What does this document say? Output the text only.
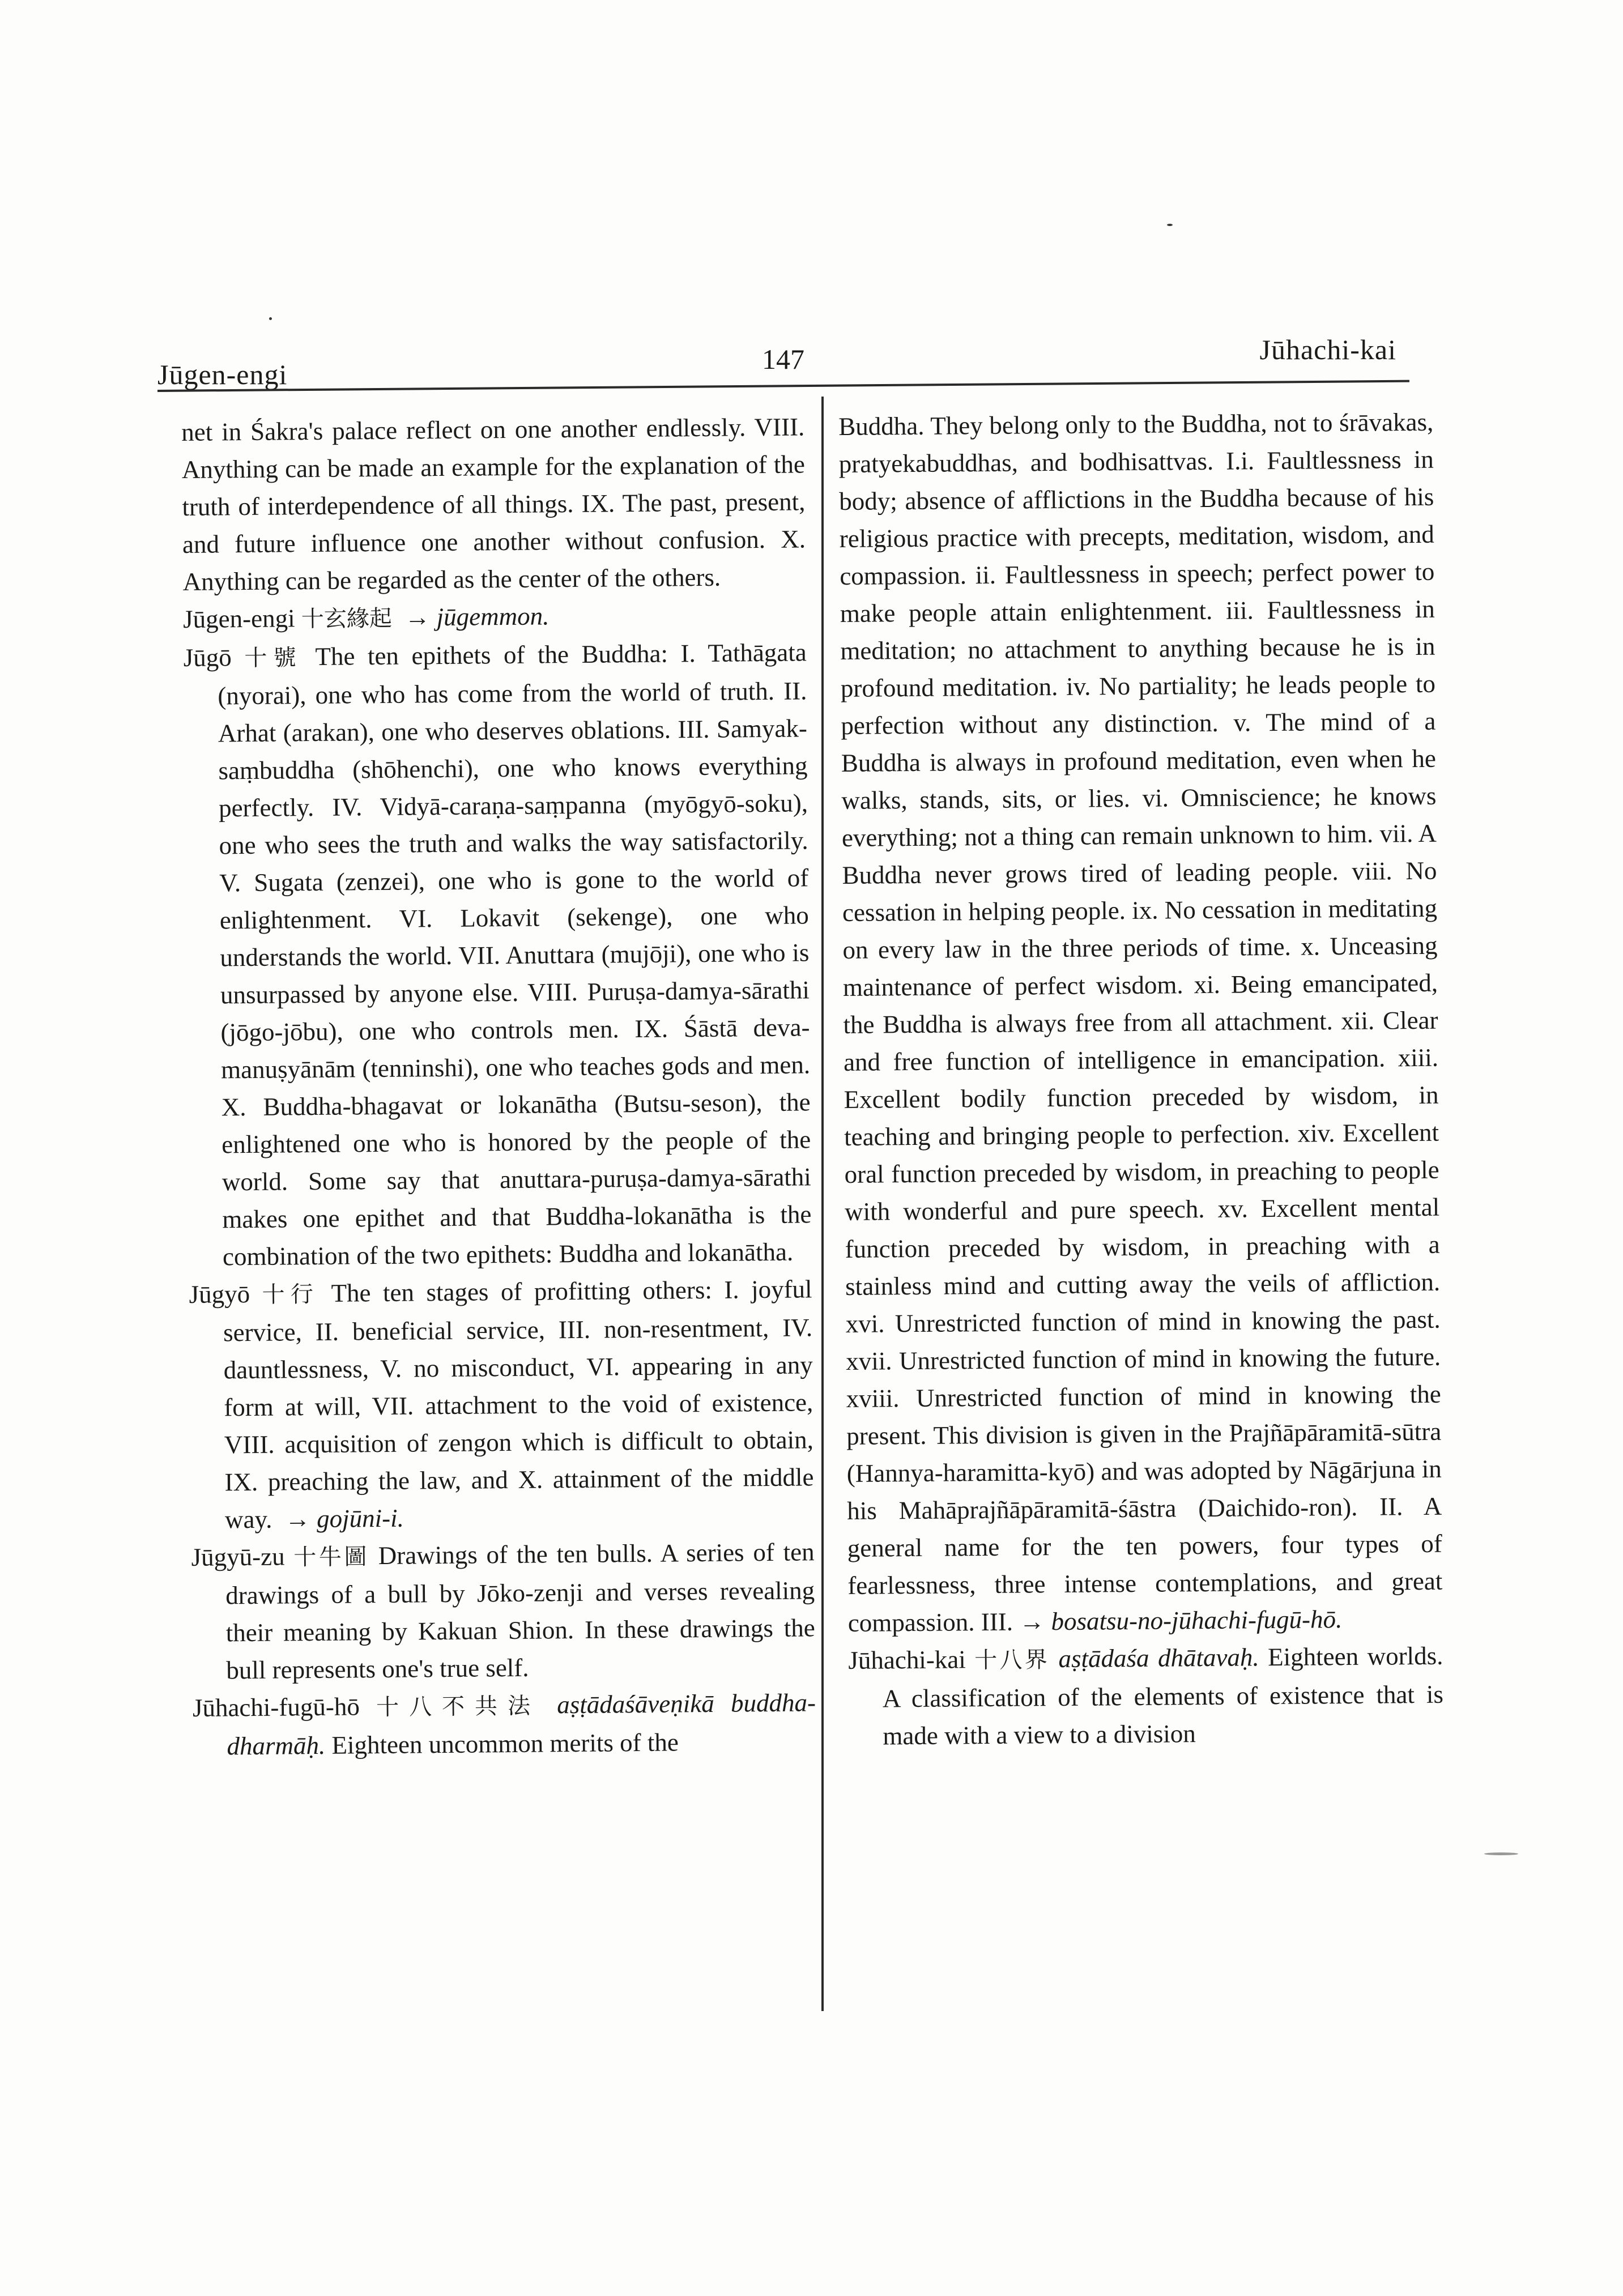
Jūgen-engi	147	Jūhachi-kai

net in Śakra's palace reflect on one another endlessly. VIII. Anything can be made an example for the explanation of the truth of interdependence of all things. IX. The past, present, and future influence one another without confusion. X. Anything can be regarded as the center of the others.

Jūgen-engi 十玄緣起 → jūgemmon.

Jūgō 十號 The ten epithets of the Buddha: I. Tathāgata (nyorai), one who has come from the world of truth. II. Arhat (arakan), one who deserves oblations. III. Samyak-saṃbuddha (shōhenchi), one who knows everything perfectly. IV. Vidyā-caraṇa-saṃpanna (myōgyō-soku), one who sees the truth and walks the way satisfactorily. V. Sugata (zenzei), one who is gone to the world of enlightenment. VI. Lokavit (sekenge), one who understands the world. VII. Anuttara (mujōji), one who is unsurpassed by anyone else. VIII. Puruṣa-damya-sārathi (jōgo-jōbu), one who controls men. IX. Śāstā deva-manuṣyānām (tenninshi), one who teaches gods and men. X. Buddha-bhagavat or lokanātha (Butsu-seson), the enlightened one who is honored by the people of the world. Some say that anuttara-puruṣa-damya-sārathi makes one epithet and that Buddha-lokanātha is the combination of the two epithets: Buddha and lokanātha.

Jūgyō 十行 The ten stages of profitting others: I. joyful service, II. beneficial service, III. non-resentment, IV. dauntlessness, V. no misconduct, VI. appearing in any form at will, VII. attachment to the void of existence, VIII. acquisition of zengon which is difficult to obtain, IX. preaching the law, and X. attainment of the middle way. → gojūni-i.

Jūgyū-zu 十牛圖 Drawings of the ten bulls. A series of ten drawings of a bull by Jōko-zenji and verses revealing their meaning by Kakuan Shion. In these drawings the bull represents one's true self.

Jūhachi-fugū-hō 十八不共法 aṣṭādaśāveṇikā buddha-dharmāḥ. Eighteen uncommon merits of the

Buddha. They belong only to the Buddha, not to śrāvakas, pratyekabuddhas, and bodhisattvas. I.i. Faultlessness in body; absence of afflictions in the Buddha because of his religious practice with precepts, meditation, wisdom, and compassion. ii. Faultlessness in speech; perfect power to make people attain enlightenment. iii. Faultlessness in meditation; no attachment to anything because he is in profound meditation. iv. No partiality; he leads people to perfection without any distinction. v. The mind of a Buddha is always in profound meditation, even when he walks, stands, sits, or lies. vi. Omniscience; he knows everything; not a thing can remain unknown to him. vii. A Buddha never grows tired of leading people. viii. No cessation in helping people. ix. No cessation in meditating on every law in the three periods of time. x. Unceasing maintenance of perfect wisdom. xi. Being emancipated, the Buddha is always free from all attachment. xii. Clear and free function of intelligence in emancipation. xiii. Excellent bodily function preceded by wisdom, in teaching and bringing people to perfection. xiv. Excellent oral function preceded by wisdom, in preaching to people with wonderful and pure speech. xv. Excellent mental function preceded by wisdom, in preaching with a stainless mind and cutting away the veils of affliction. xvi. Unrestricted function of mind in knowing the past. xvii. Unrestricted function of mind in knowing the future. xviii. Unrestricted function of mind in knowing the present. This division is given in the Prajñāpāramitā-sūtra (Hannya-haramitta-kyō) and was adopted by Nāgārjuna in his Mahāprajñāpāramitā-śāstra (Daichido-ron). II. A general name for the ten powers, four types of fearlessness, three intense contemplations, and great compassion. III. → bosatsu-no-jūhachi-fugū-hō.

Jūhachi-kai 十八界 aṣṭādaśa dhātavaḥ. Eighteen worlds. A classification of the elements of existence that is made with a view to a division
